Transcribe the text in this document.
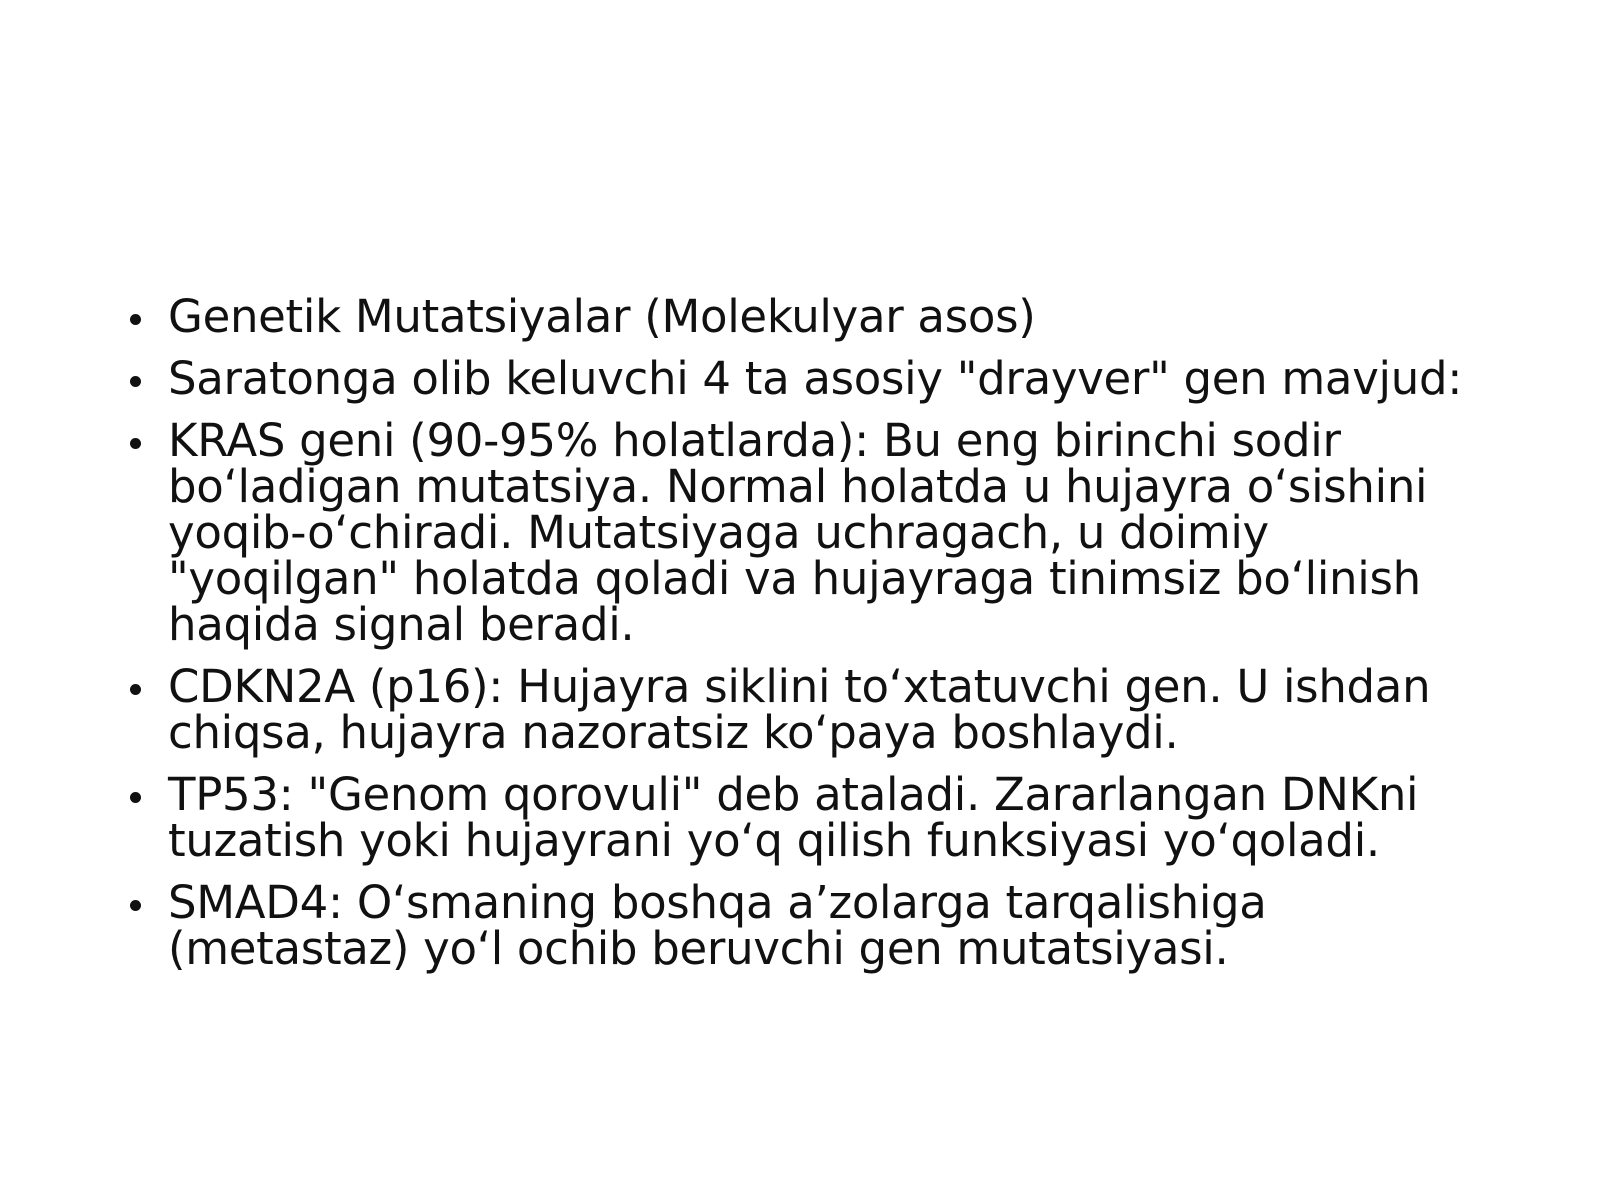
Genetik Mutatsiyalar (Molekulyar asos)
Saratonga olib keluvchi 4 ta asosiy "drayver" gen mavjud:
KRAS geni (90-95% holatlarda): Bu eng birinchi sodir boʻladigan mutatsiya. Normal holatda u hujayra oʻsishini yoqib-oʻchiradi. Mutatsiyaga uchragach, u doimiy "yoqilgan" holatda qoladi va hujayraga tinimsiz boʻlinish haqida signal beradi.
CDKN2A (p16): Hujayra siklini toʻxtatuvchi gen. U ishdan chiqsa, hujayra nazoratsiz koʻpaya boshlaydi.
TP53: "Genom qorovuli" deb ataladi. Zararlangan DNKni tuzatish yoki hujayrani yoʻq qilish funksiyasi yoʻqoladi.
SMAD4: Oʻsmaning boshqa aʼzolarga tarqalishiga (metastaz) yoʻl ochib beruvchi gen mutatsiyasi.
